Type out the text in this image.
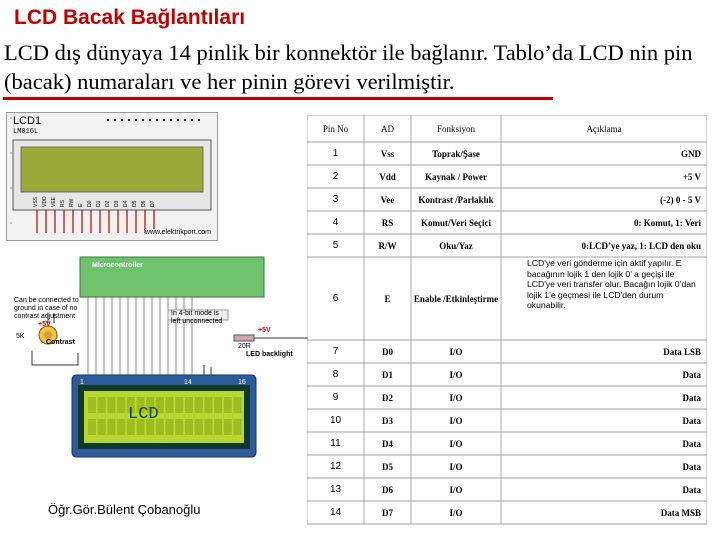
LCD Bacak Bağlantıları
LCD dış dünyaya 14 pinlik bir konnektör ile bağlanır. Tablo’da LCD nin pin (bacak) numaraları ve her pinin görevi verilmiştir.
VSS VDD VEE RS RW E D0 D1 D2 D3 D4 D5 D6 D7
LCD1
LM016L
www.elektrikport.com
Microcontroller
Can be connected to ground in case of no contrast adjustment
+5V
Contrast
5K
In 4-bit mode is left unconnected
+5V
20R
LED backlight
1	14	16
LCD
Öğr.Gör.Bülent Çobanoğlu
Pin No	AD	Fonksiyon	Açıklama
1	Vss	Toprak/Şase	GND
2	Vdd	Kaynak / Power	+5 V
3	Vee	Kontrast /Parlaklık	(-2) 0 - 5 V
4	RS	Komut/Veri Seçici	0: Komut, 1: Veri
5	R/W	Oku/Yaz	0:LCD’ye yaz, 1: LCD den oku
6	E	Enable /Etkinleştirme
LCD'ye veri gönderme için aktif yapılır. E bacağının lojik 1 den lojik 0’ a geçişi ile LCD'ye veri transfer olur. Bacağın lojik 0’dan lojik 1’e geçmesi ile LCD'den durum okunabilir.
7	D0	I/O	Data LSB
8	D1	I/O	Data
9	D2	I/O	Data
10	D3	I/O	Data
11	D4	I/O	Data
12	D5	I/O	Data
13	D6	I/O	Data
14	D7	I/O	Data MSB
